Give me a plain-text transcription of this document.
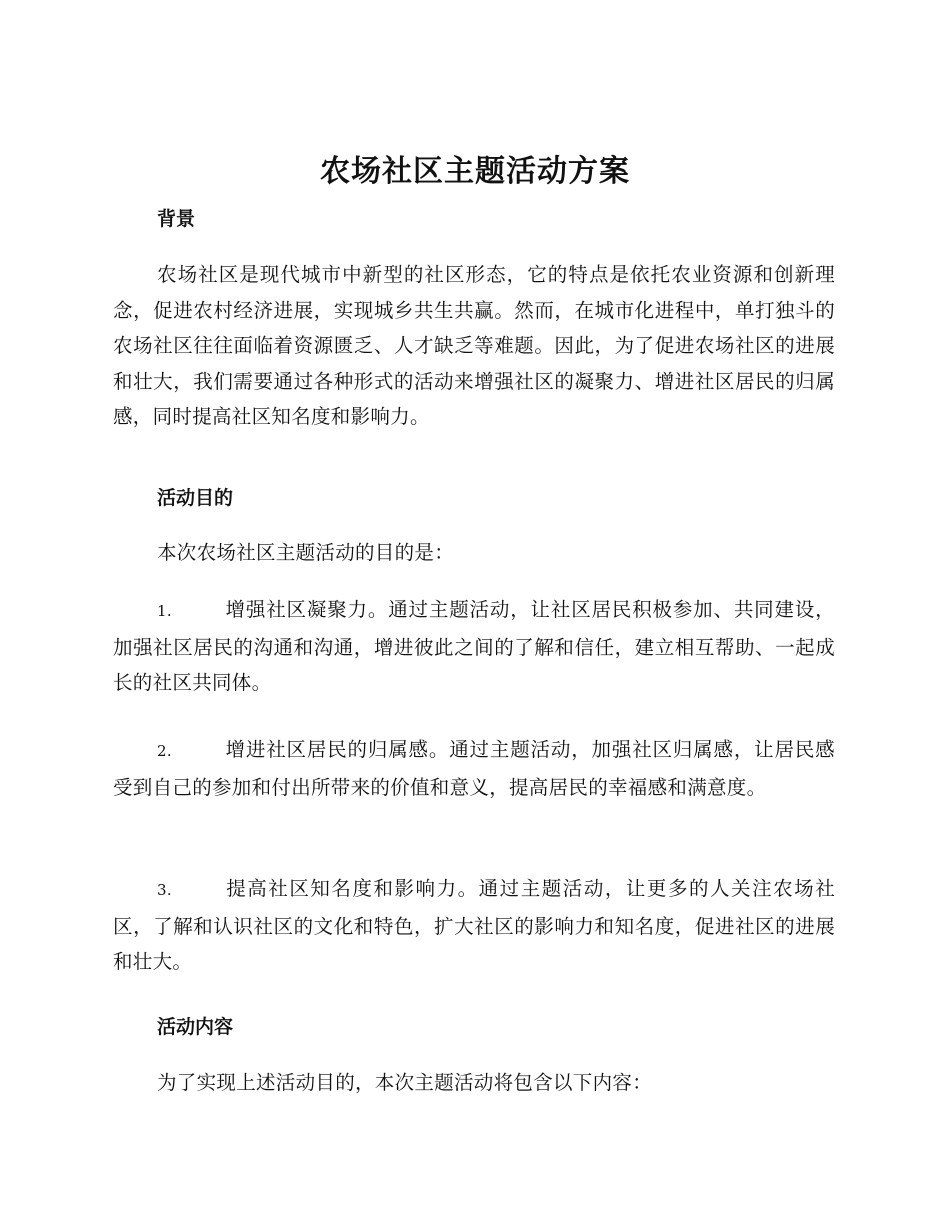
农场社区主题活动方案
背景

农场社区是现代城市中新型的社区形态，它的特点是依托农业资源和创新理念，促进农村经济进展，实现城乡共生共赢。然而，在城市化进程中，单打独斗的农场社区往往面临着资源匮乏、人才缺乏等难题。因此，为了促进农场社区的进展和壮大，我们需要通过各种形式的活动来增强社区的凝聚力、增进社区居民的归属感，同时提高社区知名度和影响力。

活动目的

本次农场社区主题活动的目的是：

1.	增强社区凝聚力。通过主题活动，让社区居民积极参加、共同建设，加强社区居民的沟通和沟通，增进彼此之间的了解和信任，建立相互帮助、一起成长的社区共同体。

2.	增进社区居民的归属感。通过主题活动，加强社区归属感，让居民感受到自己的参加和付出所带来的价值和意义，提高居民的幸福感和满意度。

3.	提高社区知名度和影响力。通过主题活动，让更多的人关注农场社区，了解和认识社区的文化和特色，扩大社区的影响力和知名度，促进社区的进展和壮大。

活动内容

为了实现上述活动目的，本次主题活动将包含以下内容：
